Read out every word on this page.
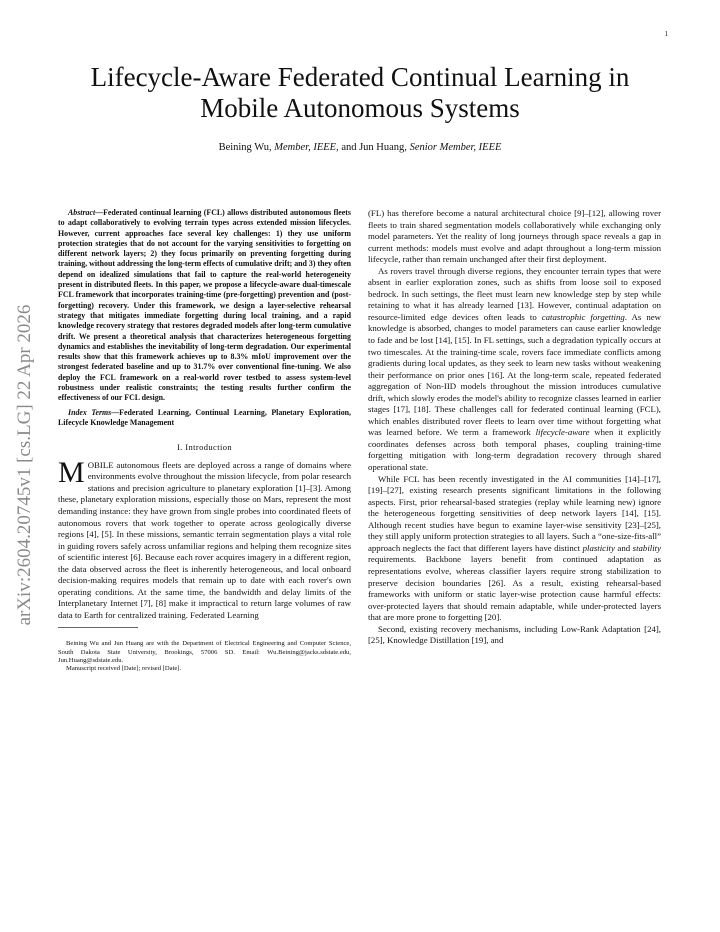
1
arXiv:2604.20745v1 [cs.LG] 22 Apr 2026
Lifecycle-Aware Federated Continual Learning in Mobile Autonomous Systems
Beining Wu, Member, IEEE, and Jun Huang, Senior Member, IEEE

Abstract—Federated continual learning (FCL) allows distributed autonomous fleets to adapt collaboratively to evolving terrain types across extended mission lifecycles. However, current approaches face several key challenges: 1) they use uniform protection strategies that do not account for the varying sensitivities to forgetting on different network layers; 2) they focus primarily on preventing forgetting during training, without addressing the long-term effects of cumulative drift; and 3) they often depend on idealized simulations that fail to capture the real-world heterogeneity present in distributed fleets. In this paper, we propose a lifecycle-aware dual-timescale FCL framework that incorporates training-time (pre-forgetting) prevention and (post-forgetting) recovery. Under this framework, we design a layer-selective rehearsal strategy that mitigates immediate forgetting during local training, and a rapid knowledge recovery strategy that restores degraded models after long-term cumulative drift. We present a theoretical analysis that characterizes heterogeneous forgetting dynamics and establishes the inevitability of long-term degradation. Our experimental results show that this framework achieves up to 8.3% mIoU improvement over the strongest federated baseline and up to 31.7% over conventional fine-tuning. We also deploy the FCL framework on a real-world rover testbed to assess system-level robustness under realistic constraints; the testing results further confirm the effectiveness of our FCL design.

Index Terms—Federated Learning, Continual Learning, Planetary Exploration, Lifecycle Knowledge Management

I. Introduction

MOBILE autonomous fleets are deployed across a range of domains where environments evolve throughout the mission lifecycle, from polar research stations and precision agriculture to planetary exploration [1]–[3]. Among these, planetary exploration missions, especially those on Mars, represent the most demanding instance: they have grown from single probes into coordinated fleets of autonomous rovers that work together to operate across geologically diverse regions [4], [5]. In these missions, semantic terrain segmentation plays a vital role in guiding rovers safely across unfamiliar regions and helping them recognize sites of scientific interest [6]. Because each rover acquires imagery in a different region, the data observed across the fleet is inherently heterogeneous, and local onboard decision-making requires models that remain up to date with each rover's own operating conditions. At the same time, the bandwidth and delay limits of the Interplanetary Internet [7], [8] make it impractical to return large volumes of raw data to Earth for centralized training. Federated Learning

Beining Wu and Jun Huang are with the Department of Electrical Engineering and Computer Science, South Dakota State University, Brookings, 57006 SD. Email: Wu.Beining@jacks.sdstate.edu, Jun.Huang@sdstate.edu.
Manuscript received [Date]; revised [Date].

(FL) has therefore become a natural architectural choice [9]–[12], allowing rover fleets to train shared segmentation models collaboratively while exchanging only model parameters. Yet the reality of long journeys through space reveals a gap in current methods: models must evolve and adapt throughout a long-term mission lifecycle, rather than remain unchanged after their first deployment.

As rovers travel through diverse regions, they encounter terrain types that were absent in earlier exploration zones, such as shifts from loose soil to exposed bedrock. In such settings, the fleet must learn new knowledge step by step while retaining to what it has already learned [13]. However, continual adaptation on resource-limited edge devices often leads to catastrophic forgetting. As new knowledge is absorbed, changes to model parameters can cause earlier knowledge to fade and be lost [14], [15]. In FL settings, such a degradation typically occurs at two timescales. At the training-time scale, rovers face immediate conflicts among gradients during local updates, as they seek to learn new tasks without weakening their performance on prior ones [16]. At the long-term scale, repeated federated aggregation of Non-IID models throughout the mission introduces cumulative drift, which slowly erodes the model's ability to recognize classes learned in earlier stages [17], [18]. These challenges call for federated continual learning (FCL), which enables distributed rover fleets to learn over time without forgetting what was learned before. We term a framework lifecycle-aware when it explicitly coordinates defenses across both temporal phases, coupling training-time forgetting mitigation with long-term degradation recovery through shared operational state.

While FCL has been recently investigated in the AI communities [14]–[17], [19]–[27], existing research presents significant limitations in the following aspects. First, prior rehearsal-based strategies (replay while learning new) ignore the heterogeneous forgetting sensitivities of deep network layers [14], [15]. Although recent studies have begun to examine layer-wise sensitivity [23]–[25], they still apply uniform protection strategies to all layers. Such a “one-size-fits-all” approach neglects the fact that different layers have distinct plasticity and stability requirements. Backbone layers benefit from continued adaptation as representations evolve, whereas classifier layers require strong stabilization to preserve decision boundaries [26]. As a result, existing rehearsal-based frameworks with uniform or static layer-wise protection cause harmful effects: over-protected layers that should remain adaptable, while under-protected layers that are more prone to forgetting [20].

Second, existing recovery mechanisms, including Low-Rank Adaptation [24], [25], Knowledge Distillation [19], and
